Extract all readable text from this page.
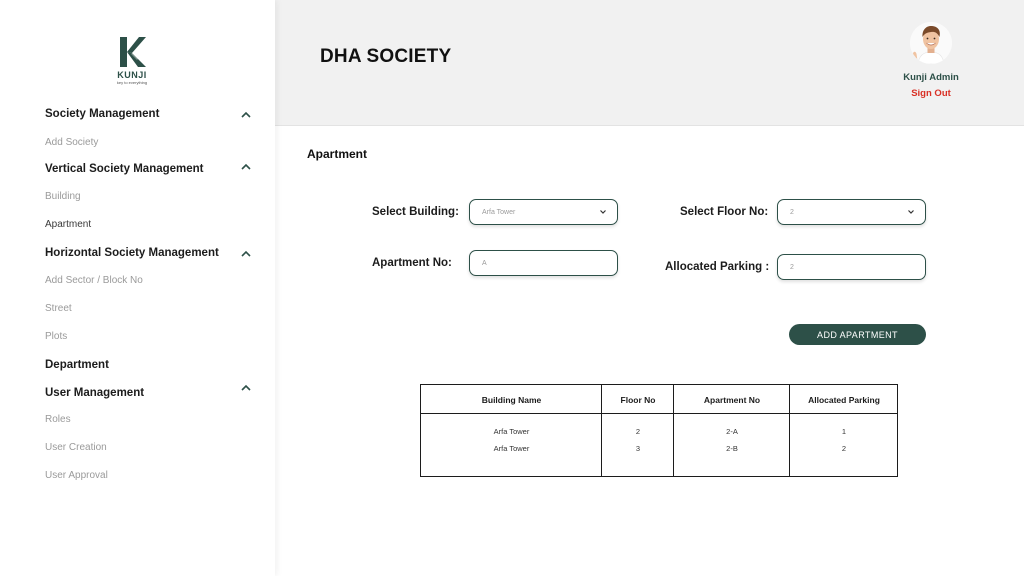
KUNJI
key to everything
Society Management
Add Society
Vertical Society Management
Building
Apartment
Horizontal Society Management
Add Sector / Block No
Street
Plots
Department
User Management
Roles
User Creation
User Approval
DHA SOCIETY
Kunji Admin
Sign Out
Apartment
Select Building:	Arfa Tower	Select Floor No:	2
Apartment No:	A	Allocated Parking :	2
ADD APARTMENT
Building Name	Floor No	Apartment No	Allocated Parking
Arfa Tower	2	2-A	1
Arfa Tower	3	2-B	2
